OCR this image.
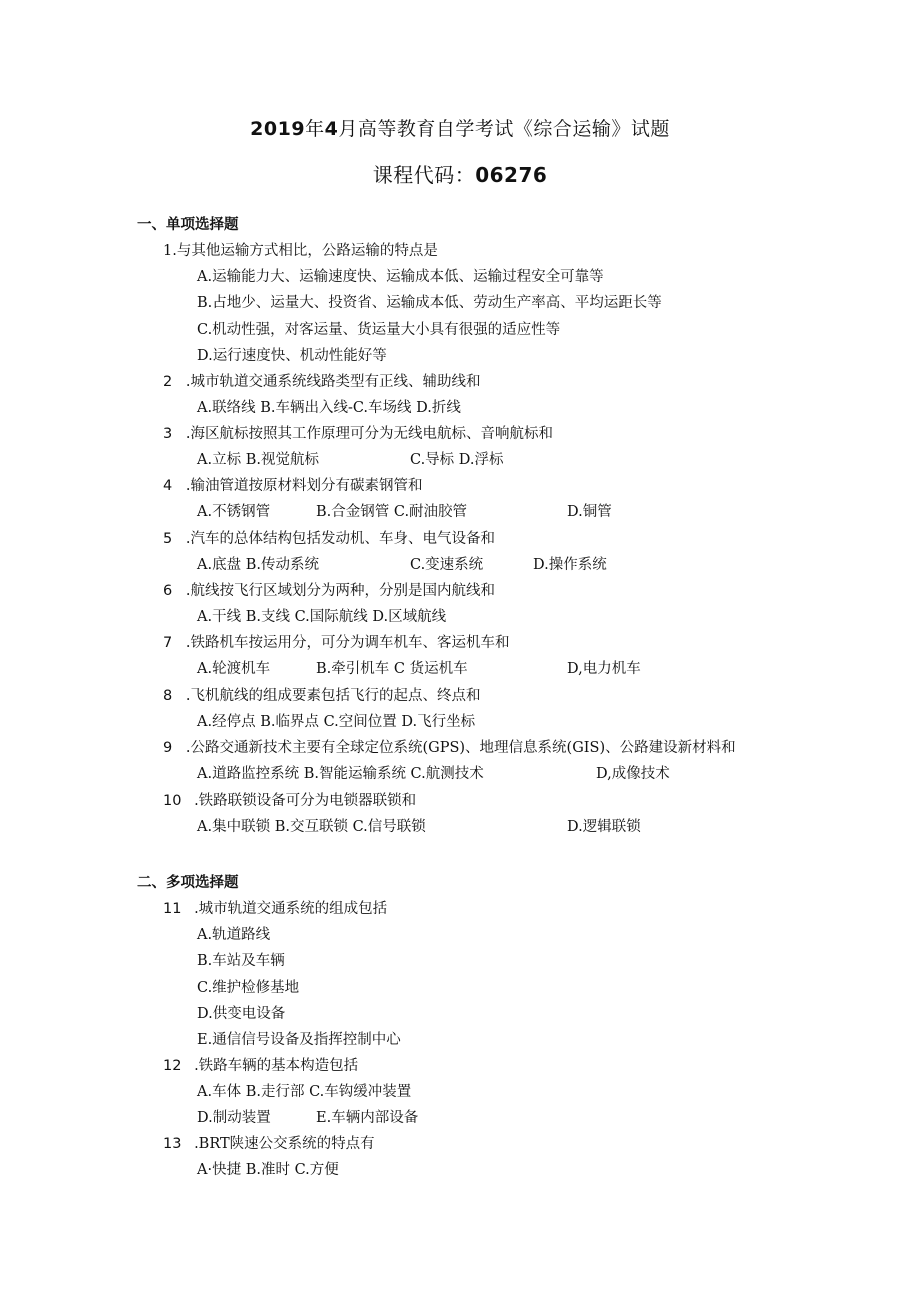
2019年4月高等教育自学考试《综合运输》试题
课程代码：06276
一、单项选择题
1.与其他运输方式相比，公路运输的特点是
A.运输能力大、运输速度快、运输成本低、运输过程安全可靠等
B.占地少、运量大、投资省、运输成本低、劳动生产率高、平均运距长等
C.机动性强，对客运量、货运量大小具有很强的适应性等
D.运行速度快、机动性能好等
2 .城市轨道交通系统线路类型有正线、辅助线和
A.联络线 B.车辆出入线-C.车场线 D.折线
3 .海区航标按照其工作原理可分为无线电航标、音响航标和
A.立标 B.视觉航标	C.导标 D.浮标
4 .输油管道按原材料划分有碳素钢管和
A.不锈钢管	B.合金钢管 C.耐油胶管	D.铜管
5 .汽车的总体结构包括发动机、车身、电气设备和
A.底盘 B.传动系统	C.变速系统	D.操作系统
6 .航线按飞行区域划分为两种，分别是国内航线和
A.干线 B.支线 C.国际航线 D.区域航线
7 .铁路机车按运用分，可分为调车机车、客运机车和
A.轮渡机车	B.牵引机车 C 货运机车	D,电力机车
8 .飞机航线的组成要素包括飞行的起点、终点和
A.经停点 B.临界点 C.空间位置 D.飞行坐标
9 .公路交通新技术主要有全球定位系统(GPS)、地理信息系统(GIS)、公路建设新材料和
A.道路监控系统 B.智能运输系统 C.航测技术	D,成像技术
10 .铁路联锁设备可分为电锁器联锁和
A.集中联锁 B.交互联锁 C.信号联锁	D.逻辑联锁
二、多项选择题
11 .城市轨道交通系统的组成包括
A.轨道路线
B.车站及车辆
C.维护检修基地
D.供变电设备
E.通信信号设备及指挥控制中心
12 .铁路车辆的基本构造包括
A.车体 B.走行部 C.车钩缓冲装置
D.制动装置	E.车辆内部设备
13 .BRT陕速公交系统的特点有
A·快捷 B.准时 C.方便
